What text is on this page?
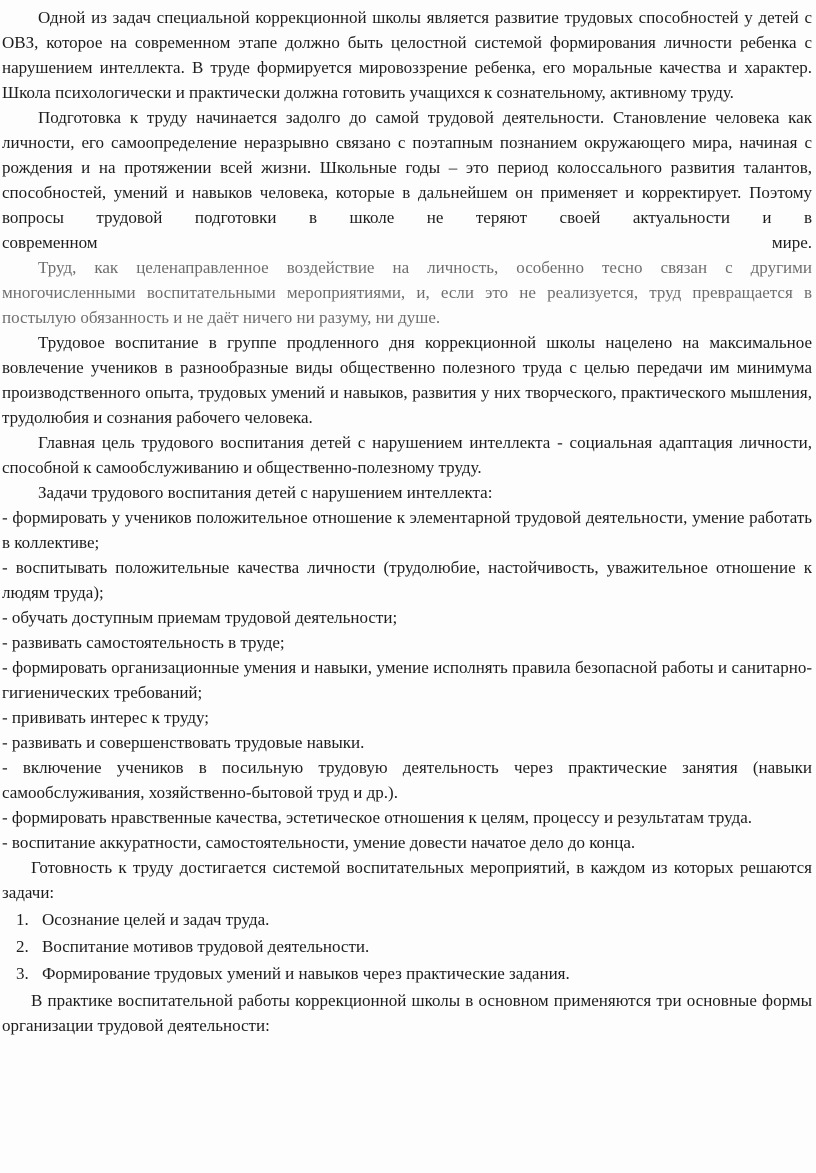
Одной из задач специальной коррекционной школы является развитие трудовых способностей у детей с ОВЗ, которое на современном этапе должно быть целостной системой формирования личности ребенка с нарушением интеллекта. В труде формируется мировоззрение ребенка, его моральные качества и характер. Школа психологически и практически должна готовить учащихся к сознательному, активному труду.

Подготовка к труду начинается задолго до самой трудовой деятельности. Становление человека как личности, его самоопределение неразрывно связано с поэтапным познанием окружающего мира, начиная с рождения и на протяжении всей жизни. Школьные годы – это период колоссального развития талантов, способностей, умений и навыков человека, которые в дальнейшем он применяет и корректирует. Поэтому вопросы трудовой подготовки в школе не теряют своей актуальности и в

современном	мире.

Труд, как целенаправленное воздействие на личность, особенно тесно связан с другими многочисленными воспитательными мероприятиями, и, если это не реализуется, труд превращается в постылую обязанность и не даёт ничего ни разуму, ни душе.

Трудовое воспитание в группе продленного дня коррекционной школы нацелено на максимальное вовлечение учеников в разнообразные виды общественно полезного труда с целью передачи им минимума производственного опыта, трудовых умений и навыков, развития у них творческого, практического мышления, трудолюбия и сознания рабочего человека.

Главная цель трудового воспитания детей с нарушением интеллекта - социальная адаптация личности, способной к самообслуживанию и общественно-полезному труду.

Задачи трудового воспитания детей с нарушением интеллекта:

- формировать у учеников положительное отношение к элементарной трудовой деятельности, умение работать в коллективе;

- воспитывать положительные качества личности (трудолюбие, настойчивость, уважительное отношение к людям труда);

- обучать доступным приемам трудовой деятельности;

- развивать самостоятельность в труде;

- формировать организационные умения и навыки, умение исполнять правила безопасной работы и санитарно-гигиенических требований;

- прививать интерес к труду;

- развивать и совершенствовать трудовые навыки.

- включение учеников в посильную трудовую деятельность через практические занятия (навыки самообслуживания, хозяйственно-бытовой труд и др.).

- формировать нравственные качества, эстетическое отношения к целям, процессу и результатам труда.

- воспитание аккуратности, самостоятельности, умение довести начатое дело до конца.

Готовность к труду достигается системой воспитательных мероприятий, в каждом из которых решаются задачи:

1. Осознание целей и задач труда.
2. Воспитание мотивов трудовой деятельности.
3. Формирование трудовых умений и навыков через практические задания.

В практике воспитательной работы коррекционной школы в основном применяются три основные формы организации трудовой деятельности:
